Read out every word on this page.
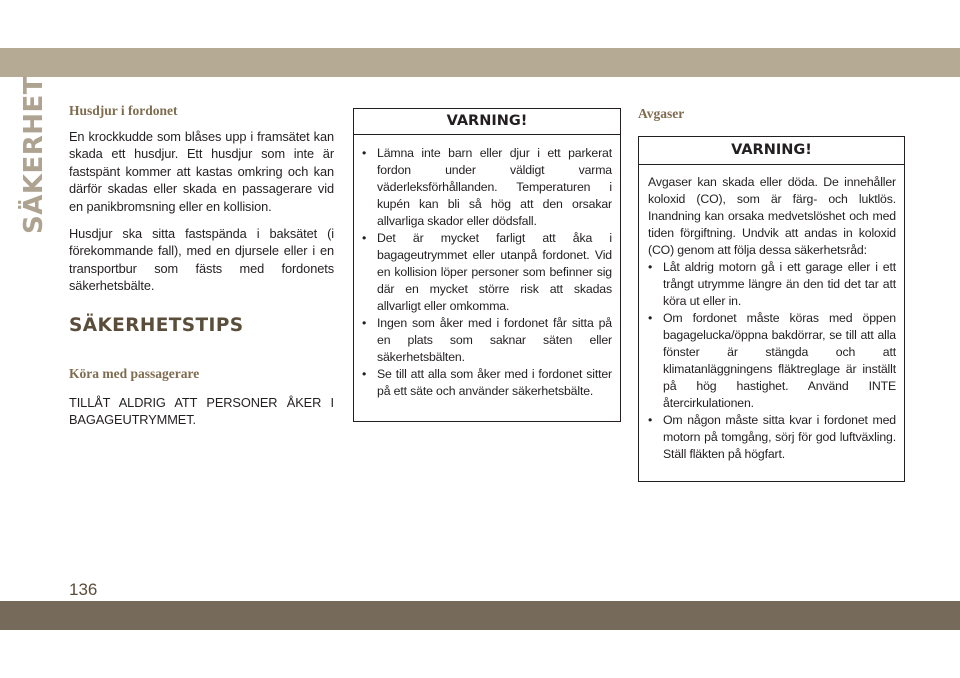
SÄKERHET Husdjur i fordonet

En krockkudde som blåses upp i framsätet kan skada ett husdjur. Ett husdjur som inte är fastspänt kommer att kastas omkring och kan därför skadas eller skada en passagerare vid en panikbromsning eller en kollision.

Husdjur ska sitta fastspända i baksätet (i förekommande fall), med en djursele eller i en transportbur som fästs med fordonets säkerhetsbälte.

SÄKERHETSTIPS
Köra med passagerare

TILLÅT ALDRIG ATT PERSONER ÅKER I BAGAGEUTRYMMET.

VARNING!
• Lämna inte barn eller djur i ett parkerat fordon under väldigt varma väderleksförhållanden. Temperaturen i kupén kan bli så hög att den orsakar allvarliga skador eller dödsfall.
• Det är mycket farligt att åka i bagageutrymmet eller utanpå fordonet. Vid en kollision löper personer som befinner sig där en mycket större risk att skadas allvarligt eller omkomma.
• Ingen som åker med i fordonet får sitta på en plats som saknar säten eller säkerhetsbälten.
• Se till att alla som åker med i fordonet sitter på ett säte och använder säkerhetsbälte.
Avgaser
VARNING!

Avgaser kan skada eller döda. De innehåller koloxid (CO), som är färg- och luktlös. Inandning kan orsaka medvetslöshet och med tiden förgiftning. Undvik att andas in koloxid (CO) genom att följa dessa säkerhetsråd:

• Låt aldrig motorn gå i ett garage eller i ett trångt utrymme längre än den tid det tar att köra ut eller in.
• Om fordonet måste köras med öppen bagagelucka/öppna bakdörrar, se till att alla fönster är stängda och att klimatanläggningens fläktreglage är inställt på hög hastighet. Använd INTE återcirkulationen.
• Om någon måste sitta kvar i fordonet med motorn på tomgång, sörj för god luftväxling. Ställ fläkten på högfart.
136
